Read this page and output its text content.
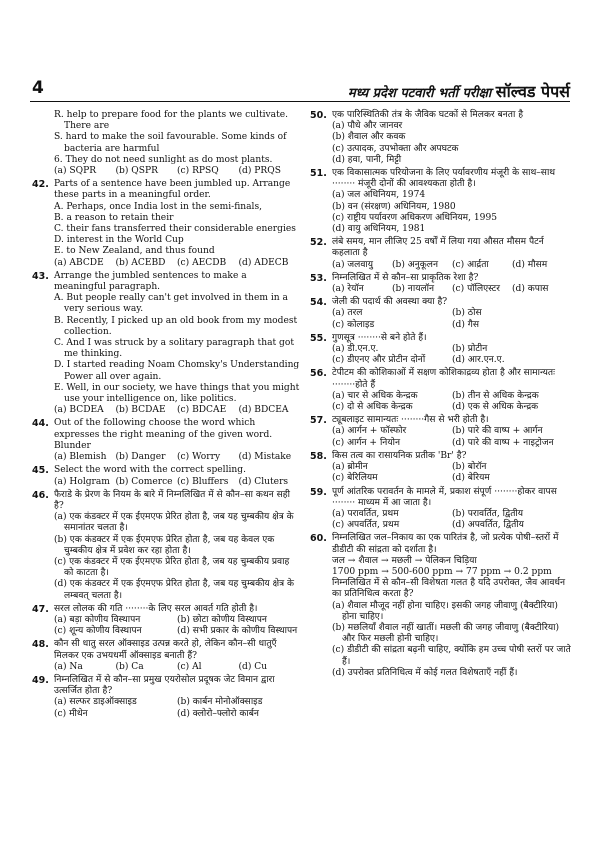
4	मध्य प्रदेश पटवारी भर्ती परीक्षा सॉल्वड पेपर्स
R. help to prepare food for the plants we cultivate. There are
S. hard to make the soil favourable. Some kinds of bacteria are harmful
6. They do not need sunlight as do most plants.
(a) SQPR	(b) QSPR	(c) RPSQ	(d) PRQS
42. Parts of a sentence have been jumbled up. Arrange these parts in a meaningful order.
A. Perhaps, once India lost in the semi-finals,
B. a reason to retain their
C. their fans transferred their considerable energies
D. interest in the World Cup
E. to New Zealand, and thus found
(a) ABCDE	(b) ACEBD	(c) AECDB	(d) ADECB
43. Arrange the jumbled sentences to make a meaningful paragraph.
A. But people really can't get involved in them in a very serious way.
B. Recently, I picked up an old book from my modest collection.
C. And I was struck by a solitary paragraph that got me thinking.
D. I started reading Noam Chomsky's Understanding Power all over again.
E. Well, in our society, we have things that you might use your intelligence on, like politics.
(a) BCDEA	(b) BCDAE	(c) BDCAE	(d) BDCEA
44. Out of the following choose the word which expresses the right meaning of the given word.
Blunder
(a) Blemish (b) Danger	(c) Worry	(d) Mistake
45. Select the word with the correct spelling.
(a) Holgram (b) Comerce (c) Bluffers	(d) Cluters
46. फैराडे के प्रेरण के नियम के बारे में निम्नलिखित में से कौन–सा कथन सही है?
(a) एक कंडक्टर में एक ईएमएफ प्रेरित होता है, जब यह चुम्बकीय क्षेत्र के समानांतर चलता है।
(b) एक कंडक्टर में एक ईएमएफ प्रेरित होता है, जब यह केवल एक चुम्बकीय क्षेत्र में प्रवेश कर रहा होता है।
(c) एक कंडक्टर में एक ईएमएफ प्रेरित होता है, जब यह चुम्बकीय प्रवाह को काटता है।
(d) एक कंडक्टर में एक ईएमएफ प्रेरित होता है, जब यह चुम्बकीय क्षेत्र के लम्बवत् चलता है।
47. सरल लोलक की गति ········के लिए सरल आवर्त गति होती है।
(a) बड़ा कोणीय विस्थापन	(b) छोटा कोणीय विस्थापन
(c) शून्य कोणीय विस्थापन	(d) सभी प्रकार के कोणीय विस्थापन
48. कौन सी धातु सरल ऑक्साइड उत्पन्न करते हो, लेकिन कौन–सी धातुएँ मिलकर एक उभयधर्मी ऑक्साइड बनाती हैं?
(a) Na	(b) Ca	(c) Al	(d) Cu
49. निम्नलिखित में से कौन–सा प्रमुख एयरोसोल प्रदूषक जेट विमान द्वारा उत्सर्जित होता है?
(a) सल्फर डाइऑक्साइड	(b) कार्बन मोनोऑक्साइड
(c) मीथेन	(d) क्लोरो–फ्लोरो कार्बन
50. एक पारिस्थितिकी तंत्र के जैविक घटकों से मिलकर बनता है
(a) पौधे और जानवर
(b) शैवाल और कवक
(c) उत्पादक, उपभोक्ता और अपघटक
(d) हवा, पानी, मिट्टी
51. एक विकासात्मक परियोजना के लिए पर्यावरणीय मंजूरी के साथ–साथ ········ मंजूरी दोनों की आवश्यकता होती है।
(a) जल अधिनियम, 1974
(b) वन (संरक्षण) अधिनियम, 1980
(c) राष्ट्रीय पर्यावरण अधिकरण अधिनियम, 1995
(d) वायु अधिनियम, 1981
52. लंबे समय, मान लीजिए 25 वर्षों में लिया गया औसत मौसम पैटर्न कहलाता है
(a) जलवायु	(b) अनुकूलन	(c) आर्द्रता	(d) मौसम
53. निम्नलिखित में से कौन–सा प्राकृतिक रेशा है?
(a) रेयॉन	(b) नायलॉन	(c) पॉलिएस्टर	(d) कपास
54. जेली की पदार्थ की अवस्था क्या है?
(a) तरल	(b) ठोस
(c) कोलाइड	(d) गैस
55. गुणसूत्र ········से बने होते हैं।
(a) डी.एन.ए.	(b) प्रोटीन
(c) डीएनए और प्रोटीन दोनों	(d) आर.एन.ए.
56. टेपीटम की कोशिकाओं में सक्षण कोशिकाद्रव्य होता है और सामान्यतः ········होते हैं
(a) चार से अधिक केन्द्रक	(b) तीन से अधिक केन्द्रक
(c) दो से अधिक केन्द्रक	(d) एक से अधिक केन्द्रक
57. ट्यूबलाइट सामान्यतः ········गैस से भरी होती है।
(a) आर्गन + फॉस्फोर	(b) पारे की वाष्प + आर्गन
(c) आर्गन + नियोन	(d) पारे की वाष्प + नाइट्रोजन
58. किस तत्व का रासायनिक प्रतीक 'Br' है?
(a) ब्रोमीन	(b) बोरॉन
(c) बेरिलियम	(d) बेरियम
59. पूर्ण आंतरिक परावर्तन के मामले में, प्रकाश संपूर्ण ········होकर वापस ········ माध्यम में आ जाता है।
(a) परावर्तित, प्रथम	(b) परावर्तित, द्वितीय
(c) अपवर्तित, प्रथम	(d) अपवर्तित, द्वितीय
60. निम्नलिखित जल–निकाय का एक पारितंत्र है, जो प्रत्येक पोषी–स्तरों में डीडीटी की सांद्रता को दर्शाता है।
जल → शैवाल → मछली → पेलिकन चिड़िया
1700 ppm → 500-600 ppm → 77 ppm → 0.2 ppm
निम्नलिखित में से कौन–सी विशेषता गलत है यदि उपरोक्त, जैव आवर्धन का प्रतिनिधित्व करता है?
(a) शैवाल मौजूद नहीं होना चाहिए। इसकी जगह जीवाणु (बैक्टीरिया) होना चाहिए।
(b) मछलियाँ शैवाल नहीं खातीं। मछली की जगह जीवाणु (बैक्टीरिया) और फिर मछली होनी चाहिए।
(c) डीडीटी की सांद्रता बढ़नी चाहिए, क्योंकि हम उच्च पोषी स्तरों पर जाते हैं।
(d) उपरोक्त प्रतिनिधित्व में कोई गलत विशेषताएँ नहीं हैं।
